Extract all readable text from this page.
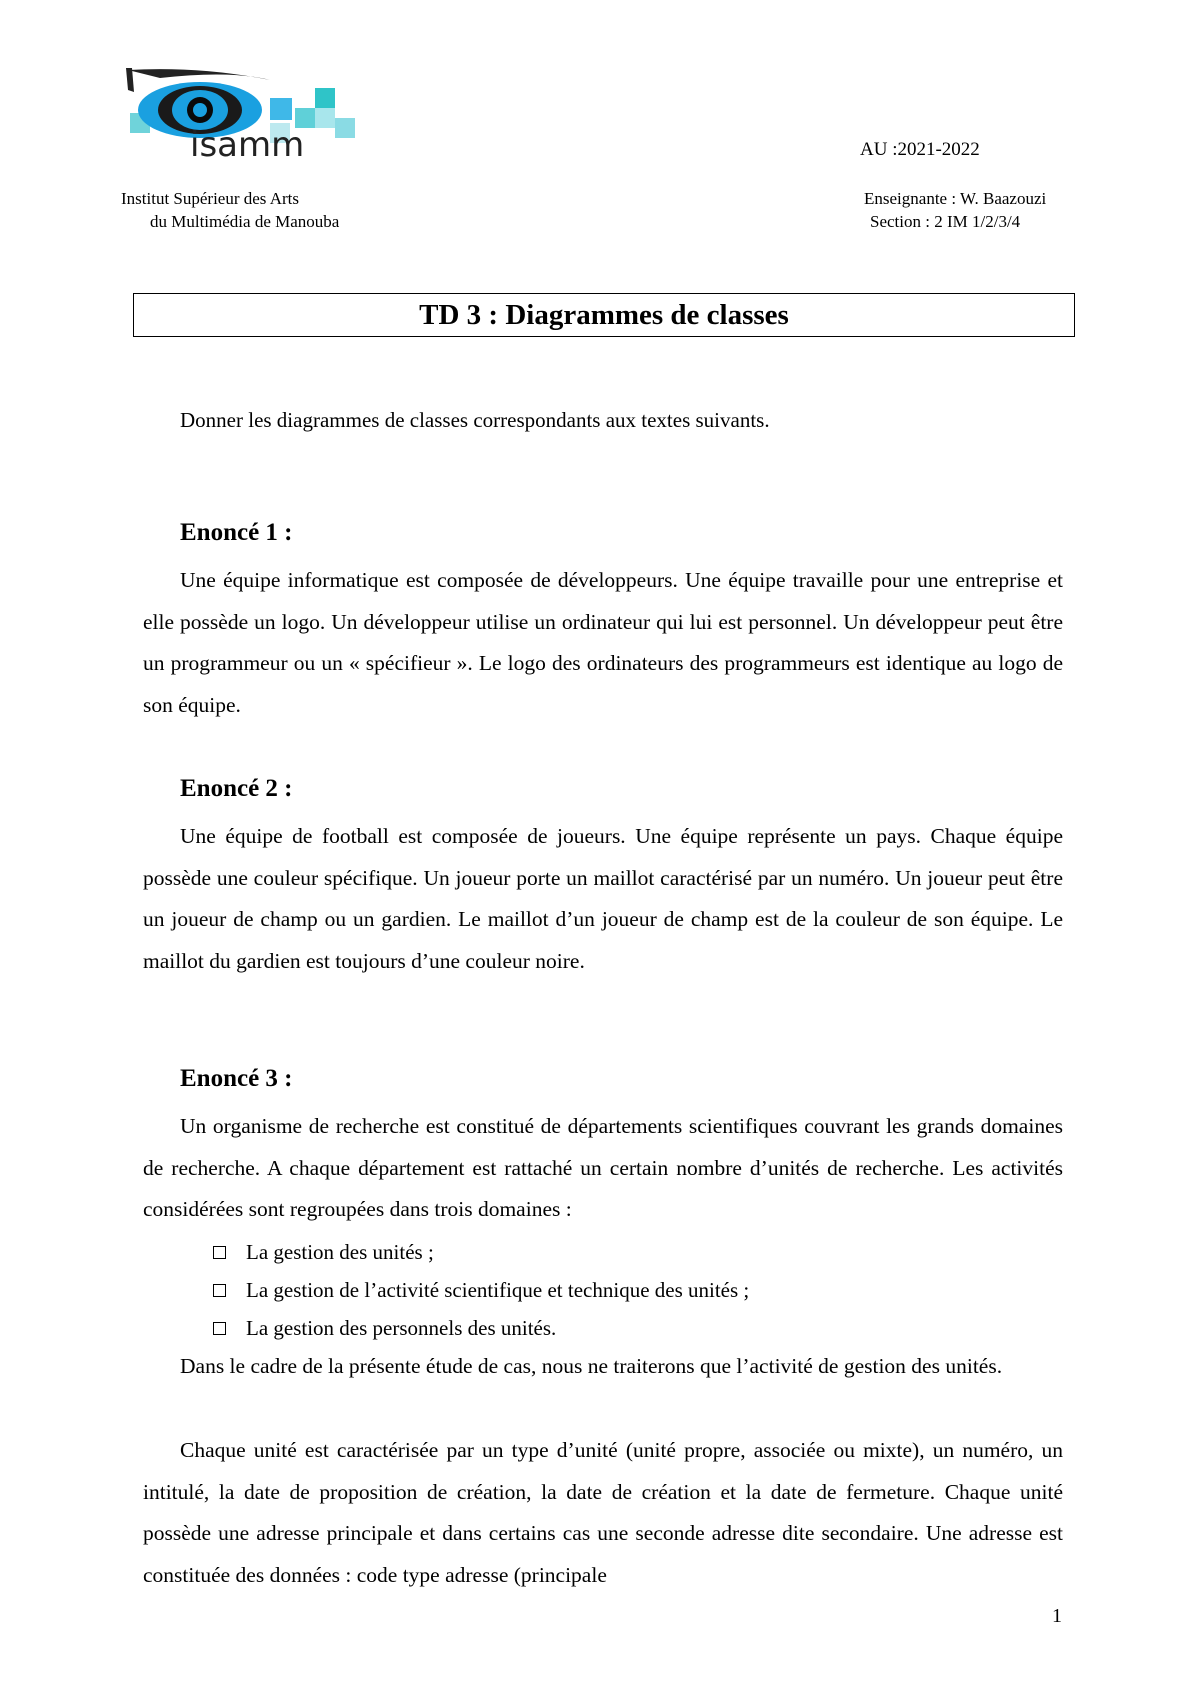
isamm
Institut Supérieur des Arts
du Multimédia de Manouba
AU :2021-2022
Enseignante : W. Baazouzi
Section : 2 IM 1/2/3/4
TD 3 : Diagrammes de classes
Donner les diagrammes de classes correspondants aux textes suivants.
Enoncé 1 :

Une équipe informatique est composée de développeurs. Une équipe travaille pour une entreprise et elle possède un logo. Un développeur utilise un ordinateur qui lui est personnel. Un développeur peut être un programmeur ou un « spécifieur ». Le logo des ordinateurs des programmeurs est identique au logo de son équipe.

Enoncé 2 :

Une équipe de football est composée de joueurs. Une équipe représente un pays. Chaque équipe possède une couleur spécifique. Un joueur porte un maillot caractérisé par un numéro. Un joueur peut être un joueur de champ ou un gardien. Le maillot d’un joueur de champ est de la couleur de son équipe. Le maillot du gardien est toujours d’une couleur noire.

Enoncé 3 :

Un organisme de recherche est constitué de départements scientifiques couvrant les grands domaines de recherche. A chaque département est rattaché un certain nombre d’unités de recherche. Les activités considérées sont regroupées dans trois domaines :

La gestion des unités ;
La gestion de l’activité scientifique et technique des unités ;
La gestion des personnels des unités.

Dans le cadre de la présente étude de cas, nous ne traiterons que l’activité de gestion des unités.

Chaque unité est caractérisée par un type d’unité (unité propre, associée ou mixte), un numéro, un intitulé, la date de proposition de création, la date de création et la date de fermeture. Chaque unité possède une adresse principale et dans certains cas une seconde adresse dite secondaire. Une adresse est constituée des données : code type adresse (principale

1
